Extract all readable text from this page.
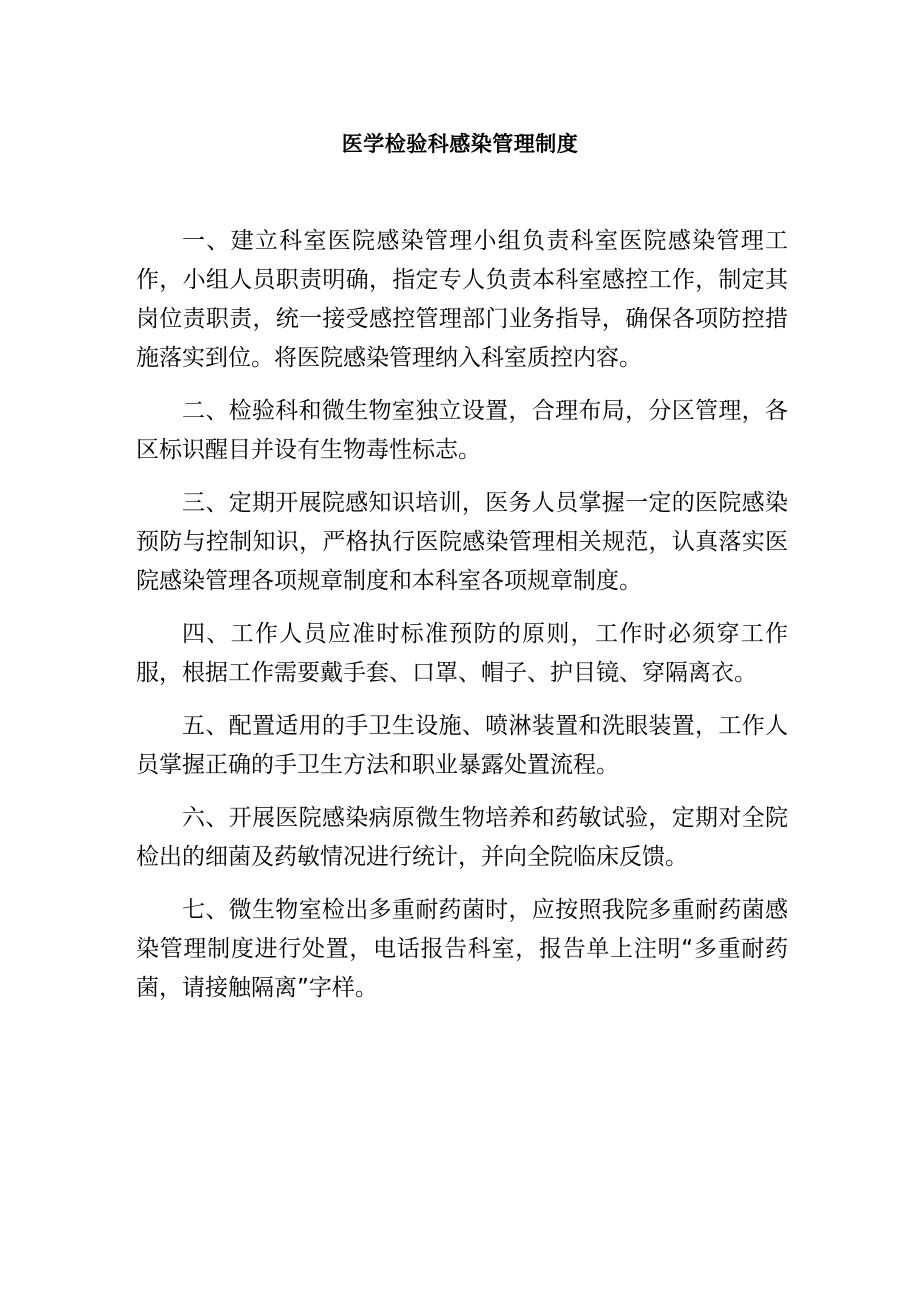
医学检验科感染管理制度

一、建立科室医院感染管理小组负责科室医院感染管理工作，小组人员职责明确，指定专人负责本科室感控工作，制定其岗位责职责，统一接受感控管理部门业务指导，确保各项防控措施落实到位。将医院感染管理纳入科室质控内容。

二、检验科和微生物室独立设置，合理布局，分区管理，各区标识醒目并设有生物毒性标志。

三、定期开展院感知识培训，医务人员掌握一定的医院感染预防与控制知识，严格执行医院感染管理相关规范，认真落实医院感染管理各项规章制度和本科室各项规章制度。

四、工作人员应准时标准预防的原则，工作时必须穿工作服，根据工作需要戴手套、口罩、帽子、护目镜、穿隔离衣。

五、配置适用的手卫生设施、喷淋装置和洗眼装置，工作人员掌握正确的手卫生方法和职业暴露处置流程。

六、开展医院感染病原微生物培养和药敏试验，定期对全院检出的细菌及药敏情况进行统计，并向全院临床反馈。

七、微生物室检出多重耐药菌时，应按照我院多重耐药菌感染管理制度进行处置，电话报告科室，报告单上注明“多重耐药菌，请接触隔离”字样。
